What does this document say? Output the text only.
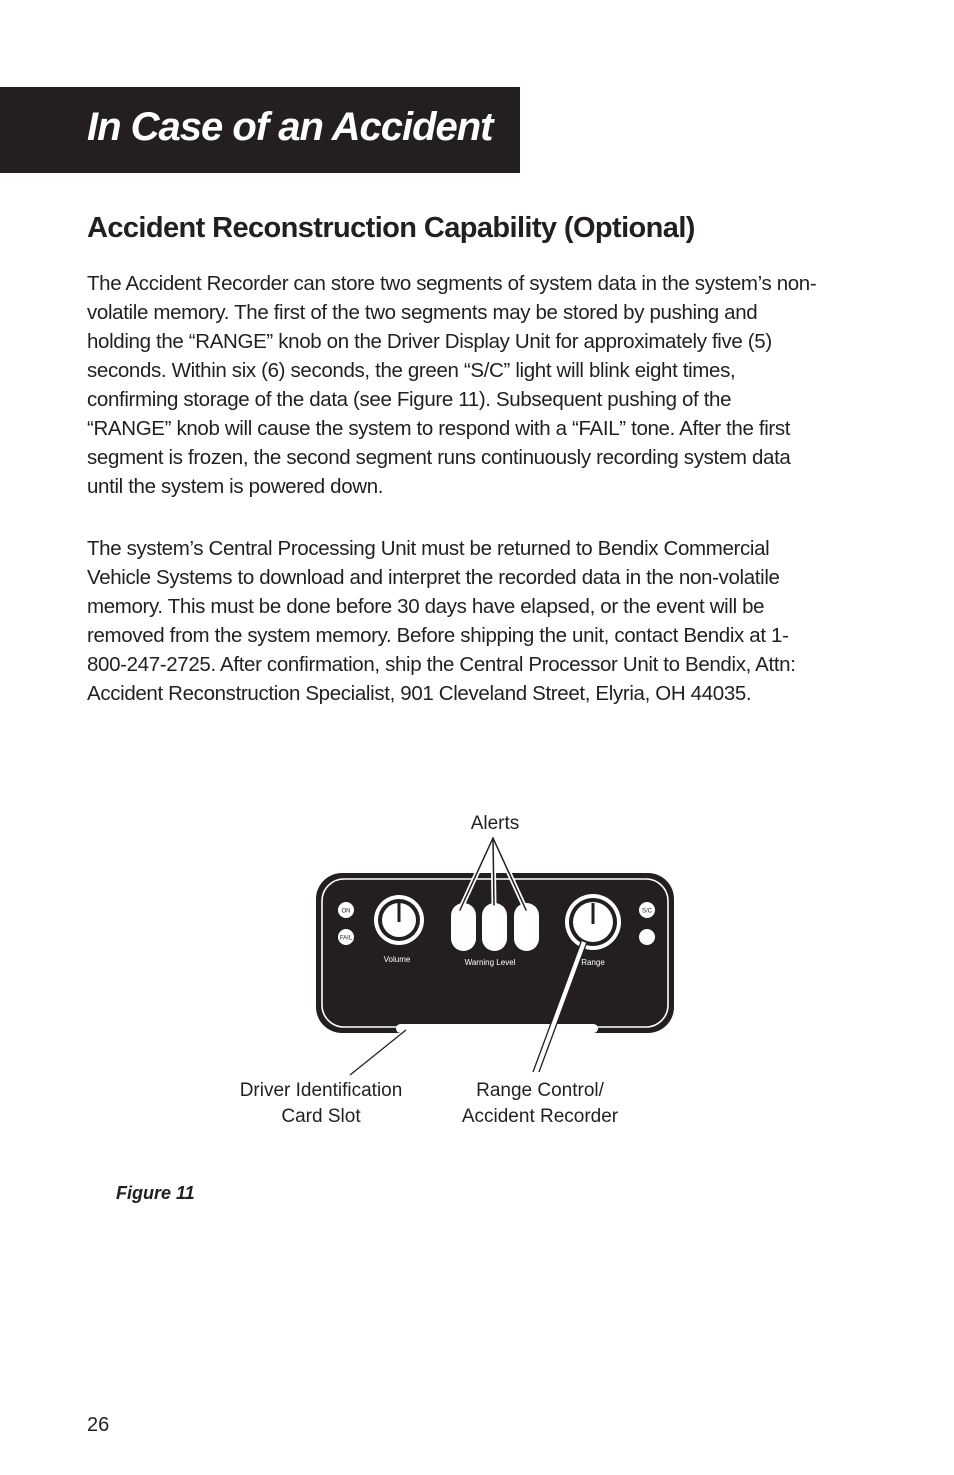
In Case of an Accident
Accident Reconstruction Capability (Optional)

The Accident Recorder can store two segments of system data in the system’s non-volatile memory. The first of the two segments may be stored by pushing and holding the “RANGE” knob on the Driver Display Unit for approximately five (5) seconds. Within six (6) seconds, the green “S/C” light will blink eight times, confirming storage of the data (see Figure 11). Subsequent pushing of the “RANGE” knob will cause the system to respond with a “FAIL” tone. After the first segment is frozen, the second segment runs continuously recording system data until the system is powered down.

The system’s Central Processing Unit must be returned to Bendix Commercial Vehicle Systems to download and interpret the recorded data in the non-volatile memory. This must be done before 30 days have elapsed, or the event will be removed from the system memory. Before shipping the unit, contact Bendix at 1-800-247-2725. After confirmation, ship the Central Processor Unit to Bendix, Attn: Accident Reconstruction Specialist, 901 Cleveland Street, Elyria, OH 44035.

ON
FAIL
Volume	Warning Level	Range
S/C
Alerts
Driver Identification
Card Slot
Range Control/
Accident Recorder

Figure 11

26
